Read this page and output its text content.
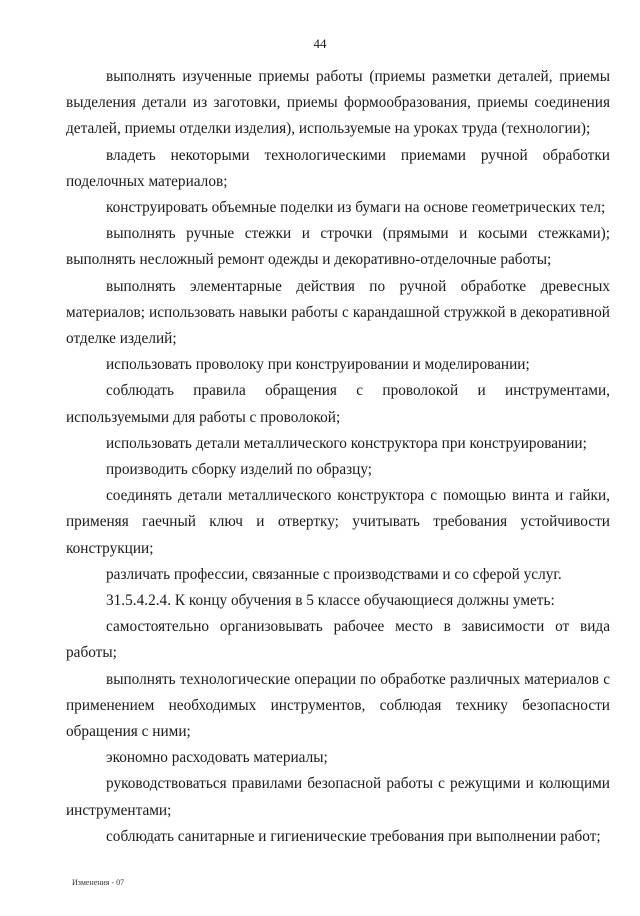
44

выполнять изученные приемы работы (приемы разметки деталей, приемы выделения детали из заготовки, приемы формообразования, приемы соединения деталей, приемы отделки изделия), используемые на уроках труда (технологии);

владеть некоторыми технологическими приемами ручной обработки поделочных материалов;

конструировать объемные поделки из бумаги на основе геометрических тел;

выполнять ручные стежки и строчки (прямыми и косыми стежками); выполнять несложный ремонт одежды и декоративно-отделочные работы;

выполнять элементарные действия по ручной обработке древесных материалов; использовать навыки работы с карандашной стружкой в декоративной отделке изделий;

использовать проволоку при конструировании и моделировании;

соблюдать правила обращения с проволокой и инструментами, используемыми для работы с проволокой;

использовать детали металлического конструктора при конструировании;

производить сборку изделий по образцу;

соединять детали металлического конструктора с помощью винта и гайки, применяя гаечный ключ и отвертку; учитывать требования устойчивости конструкции;

различать профессии, связанные с производствами и со сферой услуг.

31.5.4.2.4. К концу обучения в 5 классе обучающиеся должны уметь:

самостоятельно организовывать рабочее место в зависимости от вида работы;

выполнять технологические операции по обработке различных материалов с применением необходимых инструментов, соблюдая технику безопасности обращения с ними;

экономно расходовать материалы;

руководствоваться правилами безопасной работы с режущими и колющими инструментами;

соблюдать санитарные и гигиенические требования при выполнении работ;

Изменения - 07
